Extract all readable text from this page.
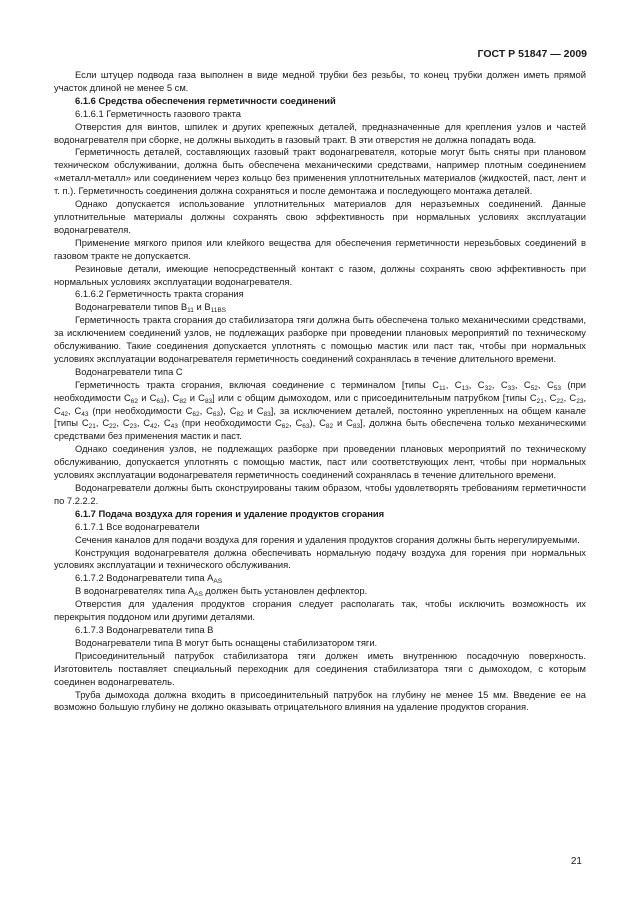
ГОСТ Р 51847 — 2009

Если штуцер подвода газа выполнен в виде медной трубки без резьбы, то конец трубки должен иметь прямой участок длиной не менее 5 см.

6.1.6 Средства обеспечения герметичности соединений

6.1.6.1 Герметичность газового тракта

Отверстия для винтов, шпилек и других крепежных деталей, предназначенные для крепления узлов и частей водонагревателя при сборке, не должны выходить в газовый тракт. В эти отверстия не должна попадать вода.

Герметичность деталей, составляющих газовый тракт водонагревателя, которые могут быть сняты при плановом техническом обслуживании, должна быть обеспечена механическими средствами, например плотным соединением «металл-металл» или соединением через кольцо без применения уплотнительных материалов (жидкостей, паст, лент и т. п.). Герметичность соединения должна сохраняться и после демонтажа и последующего монтажа деталей.

Однако допускается использование уплотнительных материалов для неразъемных соединений. Данные уплотнительные материалы должны сохранять свою эффективность при нормальных условиях эксплуатации водонагревателя.

Применение мягкого припоя или клейкого вещества для обеспечения герметичности нерезьбовых соединений в газовом тракте не допускается.

Резиновые детали, имеющие непосредственный контакт с газом, должны сохранять свою эффективность при нормальных условиях эксплуатации водонагревателя.

6.1.6.2 Герметичность тракта сгорания

Водонагреватели типов $B_{11}$ и $B_{11BS}$

Герметичность тракта сгорания до стабилизатора тяги должна быть обеспечена только механическими средствами, за исключением соединений узлов, не подлежащих разборке при проведении плановых мероприятий по техническому обслуживанию. Такие соединения допускается уплотнять с помощью мастик или паст так, чтобы при нормальных условиях эксплуатации водонагревателя герметичность соединений сохранялась в течение длительного времени.

Водонагреватели типа C

Герметичность тракта сгорания, включая соединение с терминалом [типы $C_{11}$, $C_{13}$, $C_{32}$, $C_{33}$, $C_{52}$, $C_{53}$ (при необходимости $C_{62}$ и $C_{63}$), $C_{82}$ и $C_{83}$] или с общим дымоходом, или с присоединительным патрубком [типы $C_{21}$, $C_{22}$, $C_{23}$, $C_{42}$, $C_{43}$ (при необходимости $C_{62}$, $C_{63}$), $C_{82}$ и $C_{83}$], за исключением деталей, постоянно укрепленных на общем канале [типы $C_{21}$, $C_{22}$, $C_{23}$, $C_{42}$, $C_{43}$ (при необходимости $C_{62}$, $C_{63}$), $C_{82}$ и $C_{83}$], должна быть обеспечена только механическими средствами без применения мастик и паст.

Однако соединения узлов, не подлежащих разборке при проведении плановых мероприятий по техническому обслуживанию, допускается уплотнять с помощью мастик, паст или соответствующих лент, чтобы при нормальных условиях эксплуатации водонагревателя герметичность соединений сохранялась в течение длительного времени.

Водонагреватели должны быть сконструированы таким образом, чтобы удовлетворять требованиям герметичности по 7.2.2.2.

6.1.7 Подача воздуха для горения и удаление продуктов сгорания

6.1.7.1 Все водонагреватели

Сечения каналов для подачи воздуха для горения и удаления продуктов сгорания должны быть нерегулируемыми.

Конструкция водонагревателя должна обеспечивать нормальную подачу воздуха для горения при нормальных условиях эксплуатации и технического обслуживания.

6.1.7.2 Водонагреватели типа $A_{AS}$

В водонагревателях типа $A_{AS}$ должен быть установлен дефлектор.

Отверстия для удаления продуктов сгорания следует располагать так, чтобы исключить возможность их перекрытия поддоном или другими деталями.

6.1.7.3 Водонагреватели типа B

Водонагреватели типа B могут быть оснащены стабилизатором тяги.

Присоединительный патрубок стабилизатора тяги должен иметь внутреннюю посадочную поверхность. Изготовитель поставляет специальный переходник для соединения стабилизатора тяги с дымоходом, с которым соединен водонагреватель.

Труба дымохода должна входить в присоединительный патрубок на глубину не менее 15 мм. Введение ее на возможно большую глубину не должно оказывать отрицательного влияния на удаление продуктов сгорания.

21
